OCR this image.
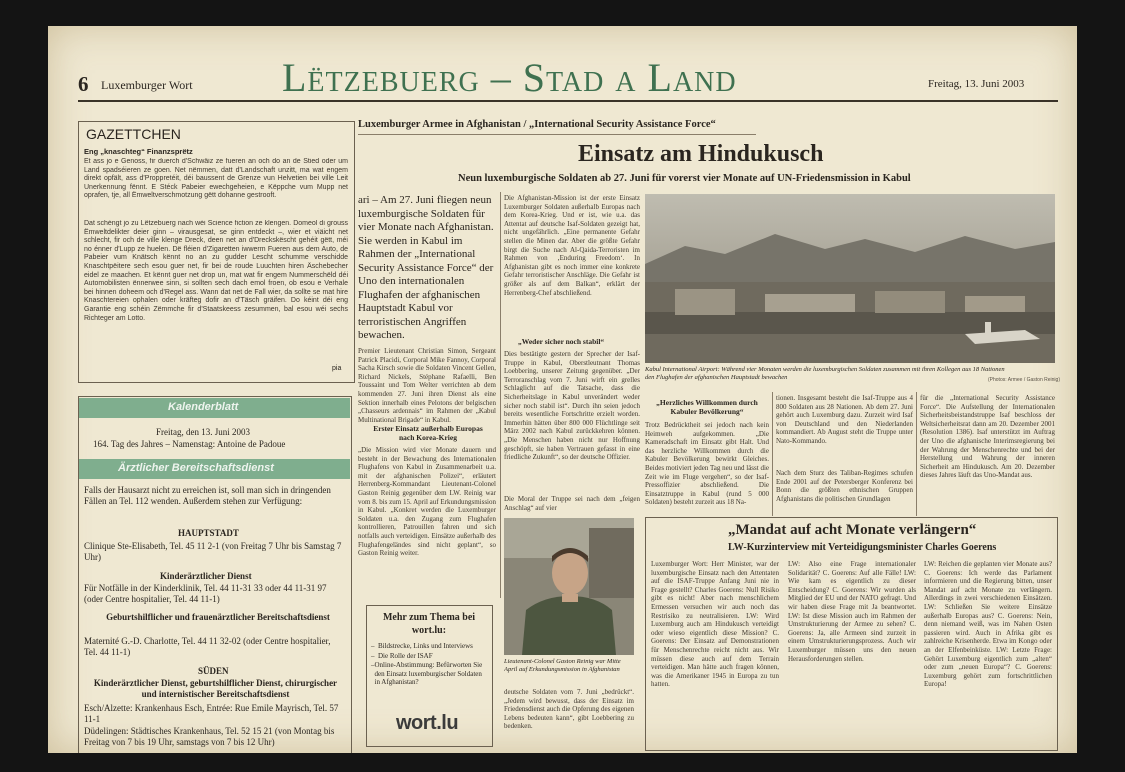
6 Luxemburger Wort Lëtzebuerg – Stad a Land	Freitag, 13. Juni 2003
GAZETTCHEN
Eng „knaschteg“ Finanzsprëtz
Et ass jo e Genoss, fir duerch d'Schwäiz ze fueren an och do an de Stied oder um Land spadséieren ze goen. Net nëmmen, datt d'Landschaft unzitt, ma wat engem direkt opfält, ass d'Proppretéit, déi baussent de Grenze vun Helvetien bei ville Leit Unerkennung fënnt. E Stéck Pabeier ewechgeheien, e Këppche vum Mupp net oprafen, tje, all Ëmweltverschmotzung gëtt dohanne gestrooft.
Dat schéngt jo zu Lëtzebuerg nach wéi Science fiction ze klengen. Domeol di grouss Ëmweltdelikter deier ginn – virausgesat, se ginn entdeckt –, wier et viäicht net schlecht, fir och de ville klenge Dreck, deen net an d'Dreckskëscht gehéit gëtt, méi no énner d'Lupp ze huelen. Dë fléien d'Zigaretten iwwerm Fueren aus dem Auto, de Pabeier vum Knätsch kënnt no an zu gudder Lescht schumme verschidde Knaschtpëitere sech esou guer net, fir bei de roude Luuchten hiren Äschebecher eidel ze maachen. Et kënnt guer net drop un, mat wat fir engem Nummerschëld déi Automobilisten ënnerwee sinn, si sollten sech dach emol froen, ob esou e Verhale bei hinnen doheem och d'Regel ass. Wann dat net de Fall wier, da sollte se mat hire Knaschtereien ophalen oder kräfteg dofir an d'Täsch gräifen. Do kéint déi eng Garantie eng schéin Zëmmche fir d'Staatskeess zesummen, bal esou wéi sechs Richteger am Lotto.
pia
Kalenderblatt
Freitag, den 13. Juni 2003
164. Tag des Jahres – Namenstag: Antoine de Padoue
Ärztlicher Bereitschaftsdienst
Falls der Hausarzt nicht zu erreichen ist, soll man sich in dringenden Fällen an Tel. 112 wenden. Außerdem stehen zur Verfügung:
HAUPTSTADT
Clinique Ste-Elisabeth, Tel. 45 11 2-1 (von Freitag 7 Uhr bis Samstag 7 Uhr)
Kinderärztlicher Dienst
Für Notfälle in der Kinderklinik, Tel. 44 11-31 33 oder 44 11-31 97 (oder Centre hospitalier, Tel. 44 11-1)
Geburtshilflicher und frauenärztlicher Bereitschaftsdienst
Maternité G.-D. Charlotte, Tel. 44 11 32-02 (oder Centre hospitalier, Tel. 44 11-1)
SÜDEN
Kinderärztlicher Dienst, geburtshilflicher Dienst, chirurgischer und internistischer Bereitschaftsdienst
Esch/Alzette: Krankenhaus Esch, Entrée: Rue Emile Mayrisch, Tel. 57 11-1
Düdelingen: Städtisches Krankenhaus, Tel. 52 15 21 (von Montag bis Freitag von 7 bis 19 Uhr, samstags von 7 bis 12 Uhr)
Luxemburger Armee in Afghanistan / „International Security Assistance Force“
Einsatz am Hindukusch
Neun luxemburgische Soldaten ab 27. Juni für vorerst vier Monate auf UN-Friedensmission in Kabul
ari – Am 27. Juni fliegen neun luxemburgische Soldaten für vier Monate nach Afghanistan. Sie werden in Kabul im Rahmen der „International Security Assistance Force“ der Uno den internationalen Flughafen der afghanischen Hauptstadt Kabul vor terroristischen Angriffen bewachen.
Premier Lieutenant Christian Simon, Sergeant Patrick Placidi, Corporal Mike Fannoy, Corporal Sacha Kirsch sowie die Soldaten Vincent Gellen, Richard Nickels, Stéphane Rafaelli, Ben Toussaint und Tom Welter verrichten ab dem kommenden 27. Juni ihren Dienst als eine Sektion innerhalb eines Pelotons der belgischen „Chasseurs ardennais“ im Rahmen der „Kabul Multinational Brigade“ in Kabul.
Erster Einsatz außerhalb Europas nach Korea-Krieg
„Die Mission wird vier Monate dauern und besteht in der Bewachung des Internationalen Flughafens von Kabul in Zusammenarbeit u.a. mit der afghanischen Polizei“, erläutert Herrenberg-Kommandant Lieutenant-Colonel Gaston Reinig gegenüber dem LW. Reinig war vom 8. bis zum 15. April auf Erkundungsmission in Kabul. „Konkret werden die Luxemburger Soldaten u.a. den Zugang zum Flughafen kontrollieren, Patrouillen fahren und sich notfalls auch verteidigen. Einsätze außerhalb des Flughafengeländes sind nicht geplant“, so Gaston Reinig weiter.
Die Afghanistan-Mission ist der erste Einsatz Luxemburger Soldaten außerhalb Europas nach dem Korea-Krieg. Und er ist, wie u.a. das Attentat auf deutsche Isaf-Soldaten gezeigt hat, nicht ungefährlich. „Eine permanente Gefahr stellen die Minen dar. Aber die größte Gefahr birgt die Suche nach Al-Qaida-Terroristen im Rahmen von ‚Enduring Freedom‘. In Afghanistan gibt es noch immer eine konkrete Gefahr terroristischer Anschläge. Die Gefahr ist größer als auf dem Balkan“, erklärt der Herrenberg-Chef abschließend.
„Weder sicher noch stabil“
Dies bestätigte gestern der Sprecher der Isaf-Truppe in Kabul, Oberstleutnant Thomas Loebbering, unserer Zeitung gegenüber. „Der Terroranschlag vom 7. Juni wirft ein grelles Schlaglicht auf die Tatsache, dass die Sicherheitslage in Kabul unverändert weder sicher noch stabil ist“. Durch ihn seien jedoch bereits wesentliche Fortschritte erzielt worden. Immerhin hätten über 800 000 Flüchtlinge seit März 2002 nach Kabul zurückkehren können. „Die Menschen haben nicht nur Hoffnung geschöpft, sie haben Vertrauen gefasst in eine friedliche Zukunft“, so der deutsche Offizier.
Die Moral der Truppe sei nach dem „feigen Anschlag“ auf vier
Kabul International Airport: Während vier Monaten werden die luxemburgischen Soldaten zusammen mit ihren Kollegen aus 18 Nationen den Flughafen der afghanischen Hauptstadt bewachen	(Photos: Armee / Gaston Reinig)
„Herzliches Willkommen durch Kabuler Bevölkerung“
Trotz Bedrücktheit sei jedoch nach kein Heimweh aufgekommen. „Die Kameradschaft im Einsatz gibt Halt. Und das herzliche Willkommen durch die Kabuler Bevölkerung bewirkt Gleiches. Beides motiviert jeden Tag neu und lässt die Zeit wie im Fluge vergehen“, so der Isaf-Pressoffizier abschließend. Die Einsatztruppe in Kabul (rund 5 000 Soldaten) besteht zurzeit aus 18 Na-
tionen. Insgesamt besteht die Isaf-Truppe aus 4 800 Soldaten aus 28 Nationen. Ab dem 27. Juni gehört auch Luxemburg dazu. Zurzeit wird Isaf von Deutschland und den Niederlanden kommandiert. Ab August steht die Truppe unter Nato-Kommando.
Nach dem Sturz des Taliban-Regimes schufen Ende 2001 auf der Petersberger Konferenz bei Bonn die größten ethnischen Gruppen Afghanistans die politischen Grundlagen
für die „International Security Assistance Force“. Die Aufstellung der Internationalen Sicherheitsbeistandstruppe Isaf beschloss der Weltsicherheitsrat dann am 20. Dezember 2001 (Resolution 1386). Isaf unterstützt im Auftrag der Uno die afghanische Interimsregierung bei der Wahrung der Menschenrechte und bei der Herstellung und Wahrung der inneren Sicherheit am Hindukusch. Am 20. Dezember dieses Jahres läuft das Uno-Mandat aus.
Lieutenant-Colonel Gaston Reinig war Mitte April auf Erkundungsmission in Afghanistan
deutsche Soldaten vom 7. Juni „bedrückt“. „Jedem wird bewusst, dass der Einsatz im Friedensdienst auch die Opferung des eigenen Lebens bedeuten kann“, gibt Loebbering zu bedenken.
Mehr zum Thema bei wort.lu:
– Bildstrecke, Links und Interviews
– Die Rolle der ISAF
– Online-Abstimmung: Befürworten Sie den Einsatz luxemburgischer Soldaten in Afghanistan?
wort.lu
„Mandat auf acht Monate verlängern“
LW-Kurzinterview mit Verteidigungsminister Charles Goerens
Luxemburger Wort: Herr Minister, war der luxemburgische Einsatz nach den Attentaten auf die ISAF-Truppe Anfang Juni nie in Frage gestellt? Charles Goerens: Null Risiko gibt es nicht! Aber nach menschlichem Ermessen versuchen wir auch noch das Restrisiko zu neutralisieren. LW: Wird Luxemburg auch am Hindukusch verteidigt oder wieso eigentlich diese Mission? C. Goerens: Der Einsatz auf Demonstrationen für Menschenrechte reicht nicht aus. Wir müssen diese auch auf dem Terrain verteidigen. Man hätte auch fragen können, was die Amerikaner 1945 in Europa zu tun hatten.
LW: Also eine Frage internationaler Solidarität? C. Goerens: Auf alle Fälle! LW: Wie kam es eigentlich zu dieser Entscheidung? C. Goerens: Wir wurden als Mitglied der EU und der NATO gefragt. Und wir haben diese Frage mit Ja beantwortet. LW: Ist diese Mission auch im Rahmen der Umstrukturierung der Armee zu sehen? C. Goerens: Ja, alle Armeen sind zurzeit in einem Umstrukturierungsprozess. Auch wir Luxemburger müssen uns den neuen Herausforderungen stellen.
LW: Reichen die geplanten vier Monate aus? C. Goerens: Ich werde das Parlament informieren und die Regierung bitten, unser Mandat auf acht Monate zu verlängern. Allerdings in zwei verschiedenen Einsätzen. LW: Schließen Sie weitere Einsätze außerhalb Europas aus? C. Goerens: Nein, denn niemand weiß, was im Nahen Osten passieren wird. Auch in Afrika gibt es zahlreiche Krisenherde. Etwa im Kongo oder an der Elfenbeinküste. LW: Letzte Frage: Gehört Luxemburg eigentlich zum „alten“ oder zum „neuen Europa“? C. Goerens: Luxemburg gehört zum fortschrittlichen Europa!
